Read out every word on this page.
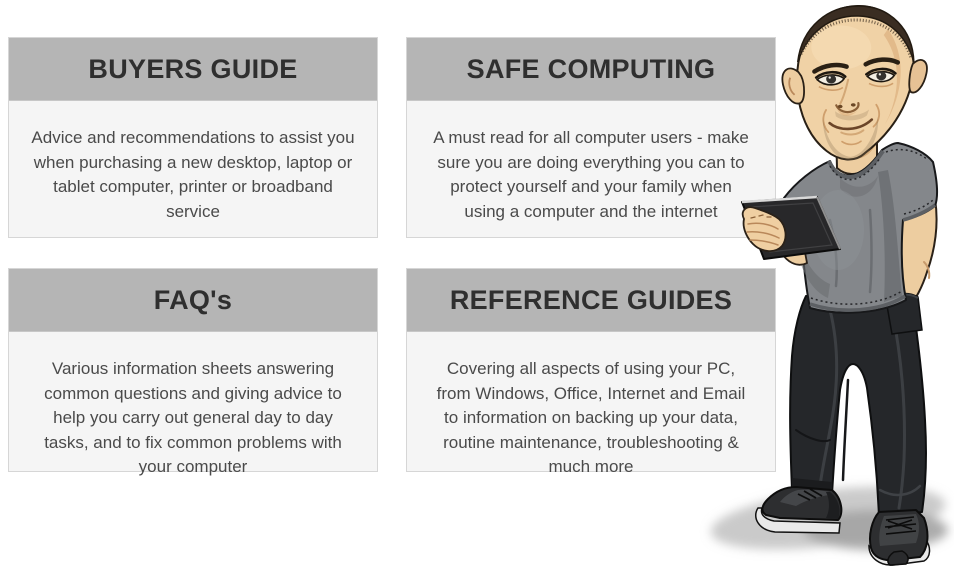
BUYERS GUIDE
Advice and recommendations to assist you when purchasing a new desktop, laptop or tablet computer, printer or broadband service
SAFE COMPUTING
A must read for all computer users - make sure you are doing everything you can to protect yourself and your family when using a computer and the internet
FAQ's
Various information sheets answering common questions and giving advice to help you carry out general day to day tasks, and to fix common problems with your computer
REFERENCE GUIDES
Covering all aspects of using your PC, from Windows, Office, Internet and Email to information on backing up your data, routine maintenance, troubleshooting & much more
